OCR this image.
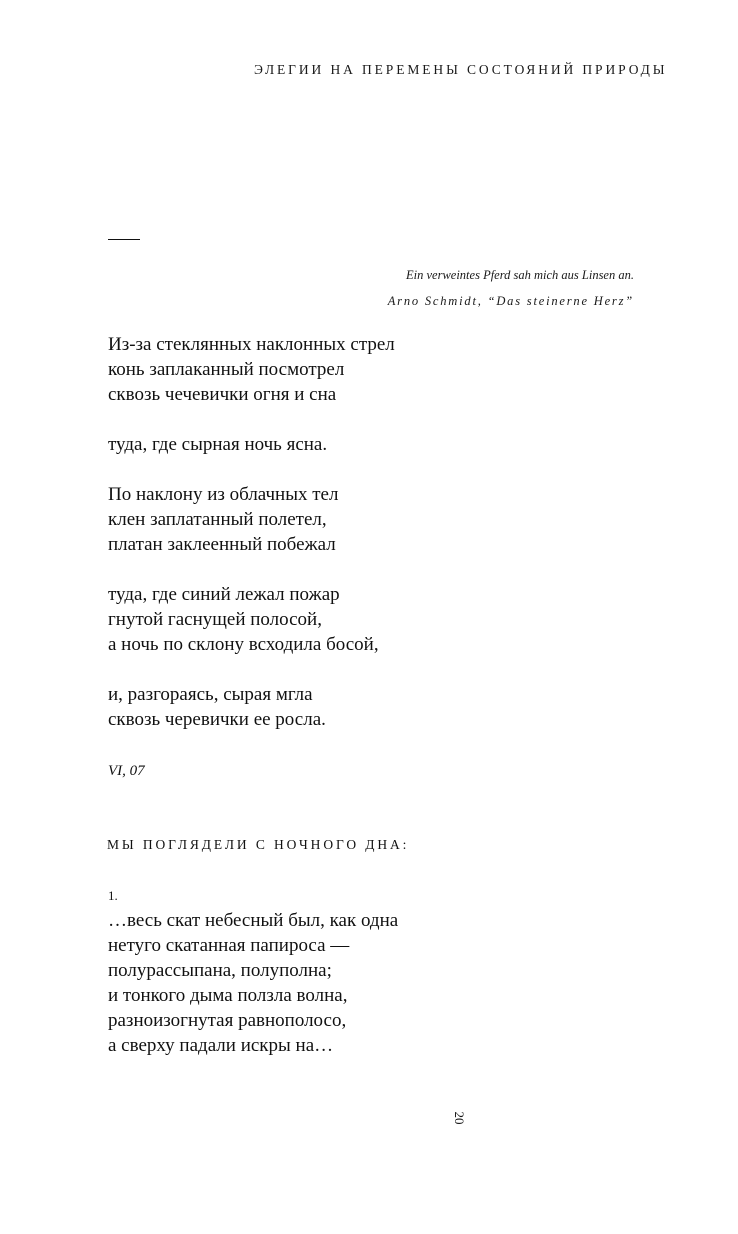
ЭЛЕГИИ НА ПЕРЕМЕНЫ СОСТОЯНИЙ ПРИРОДЫ
Ein verweintes Pferd sah mich aus Linsen an.
Arno Schmidt, “Das steinerne Herz”
Из-за стеклянных наклонных стрел
конь заплаканный посмотрел
сквозь чечевички огня и сна
туда, где сырная ночь ясна.
По наклону из облачных тел
клен заплатанный полетел,
платан заклеенный побежал
туда, где синий лежал пожар
гнутой гаснущей полосой,
а ночь по склону всходила босой,
и, разгораясь, сырая мгла
сквозь черевички ее росла.
VI, 07
МЫ ПОГЛЯДЕЛИ С НОЧНОГО ДНА:
1.
…весь скат небесный был, как одна
нетуго скатанная папироса —
полурассыпана, полуполна;
и тонкого дыма ползла волна,
разноизогнутая равнополосо,
а сверху падали искры на…
20
